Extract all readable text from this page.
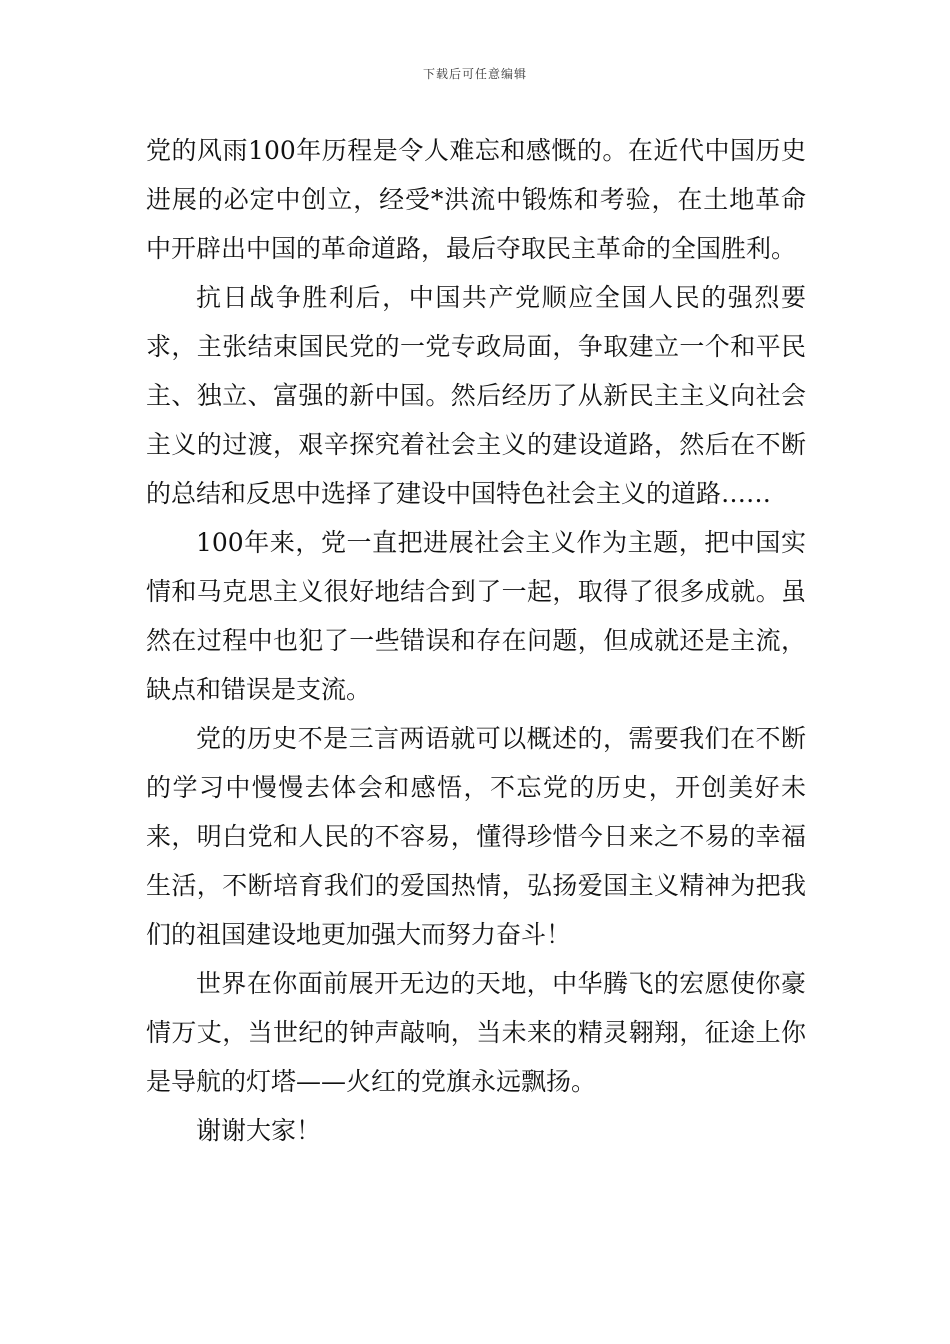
下载后可任意编辑

党的风雨100年历程是令人难忘和感慨的。在近代中国历史进展的必定中创立，经受*洪流中锻炼和考验，在土地革命中开辟出中国的革命道路，最后夺取民主革命的全国胜利。

抗日战争胜利后，中国共产党顺应全国人民的强烈要求，主张结束国民党的一党专政局面，争取建立一个和平民主、独立、富强的新中国。然后经历了从新民主主义向社会主义的过渡，艰辛探究着社会主义的建设道路，然后在不断的总结和反思中选择了建设中国特色社会主义的道路……

100年来，党一直把进展社会主义作为主题，把中国实情和马克思主义很好地结合到了一起，取得了很多成就。虽然在过程中也犯了一些错误和存在问题，但成就还是主流，缺点和错误是支流。

党的历史不是三言两语就可以概述的，需要我们在不断的学习中慢慢去体会和感悟，不忘党的历史，开创美好未来，明白党和人民的不容易，懂得珍惜今日来之不易的幸福生活，不断培育我们的爱国热情，弘扬爱国主义精神为把我们的祖国建设地更加强大而努力奋斗！

世界在你面前展开无边的天地，中华腾飞的宏愿使你豪情万丈，当世纪的钟声敲响，当未来的精灵翱翔，征途上你是导航的灯塔——火红的党旗永远飘扬。

谢谢大家！
